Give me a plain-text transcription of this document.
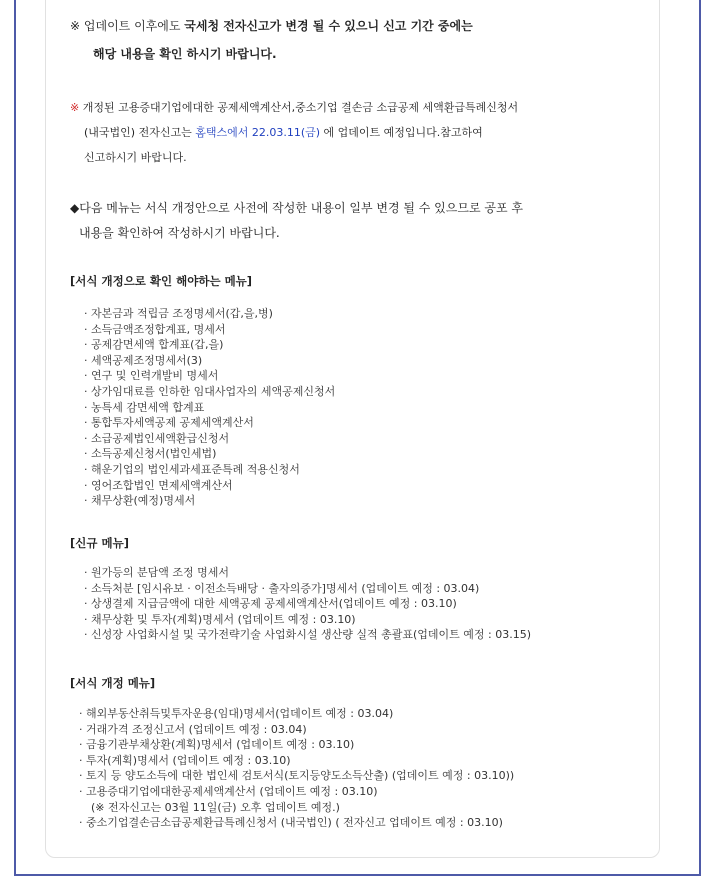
※ 업데이트 이후에도 국세청 전자신고가 변경 될 수 있으니 신고 기간 중에는
해당 내용을 확인 하시기 바랍니다.
※ 개정된 고용증대기업에대한 공제세액계산서,중소기업 결손금 소급공제 세액환급특례신청서
(내국법인) 전자신고는 홈택스에서 22.03.11(금) 에 업데이트 예정입니다.참고하여
신고하시기 바랍니다.
◆다음 메뉴는 서식 개정안으로 사전에 작성한 내용이 일부 변경 될 수 있으므로 공포 후
내용을 확인하여 작성하시기 바랍니다.
[서식 개정으로 확인 해야하는 메뉴]
· 자본금과 적립금 조정명세서(갑,을,병)
· 소득금액조정합계표, 명세서
· 공제감면세액 합계표(갑,을)
· 세액공제조정명세서(3)
· 연구 및 인력개발비 명세서
· 상가임대료를 인하한 임대사업자의 세액공제신청서
· 농특세 감면세액 합계표
· 통합투자세액공제 공제세액계산서
· 소급공제법인세액환급신청서
· 소득공제신청서(법인세법)
· 해운기업의 법인세과세표준특례 적용신청서
· 영어조합법인 면제세액계산서
· 채무상환(예정)명세서
[신규 메뉴]
· 원가등의 분담액 조정 명세서
· 소득처분 [임시유보 · 이전소득배당 · 출자의증가]명세서 (업데이트 예정 : 03.04)
· 상생결제 지급금액에 대한 세액공제 공제세액계산서(업데이트 예정 : 03.10)
· 채무상환 및 투자(계획)명세서 (업데이트 예정 : 03.10)
· 신성장 사업화시설 및 국가전략기술 사업화시설 생산량 실적 총괄표(업데이트 예정 : 03.15)
[서식 개정 메뉴]
· 해외부동산취득및투자운용(임대)명세서(업데이트 예정 : 03.04)
· 거래가격 조정신고서 (업데이트 예정 : 03.04)
· 금융기관부채상환(계획)명세서 (업데이트 예정 : 03.10)
· 투자(계획)명세서 (업데이트 예정 : 03.10)
· 토지 등 양도소득에 대한 법인세 검토서식(토지등양도소득산출) (업데이트 예정 : 03.10))
· 고용증대기업에대한공제세액계산서 (업데이트 예정 : 03.10)
(※ 전자신고는 03월 11일(금) 오후 업데이트 예정.)
· 중소기업결손금소급공제환급특례신청서 (내국법인) ( 전자신고 업데이트 예정 : 03.10)
